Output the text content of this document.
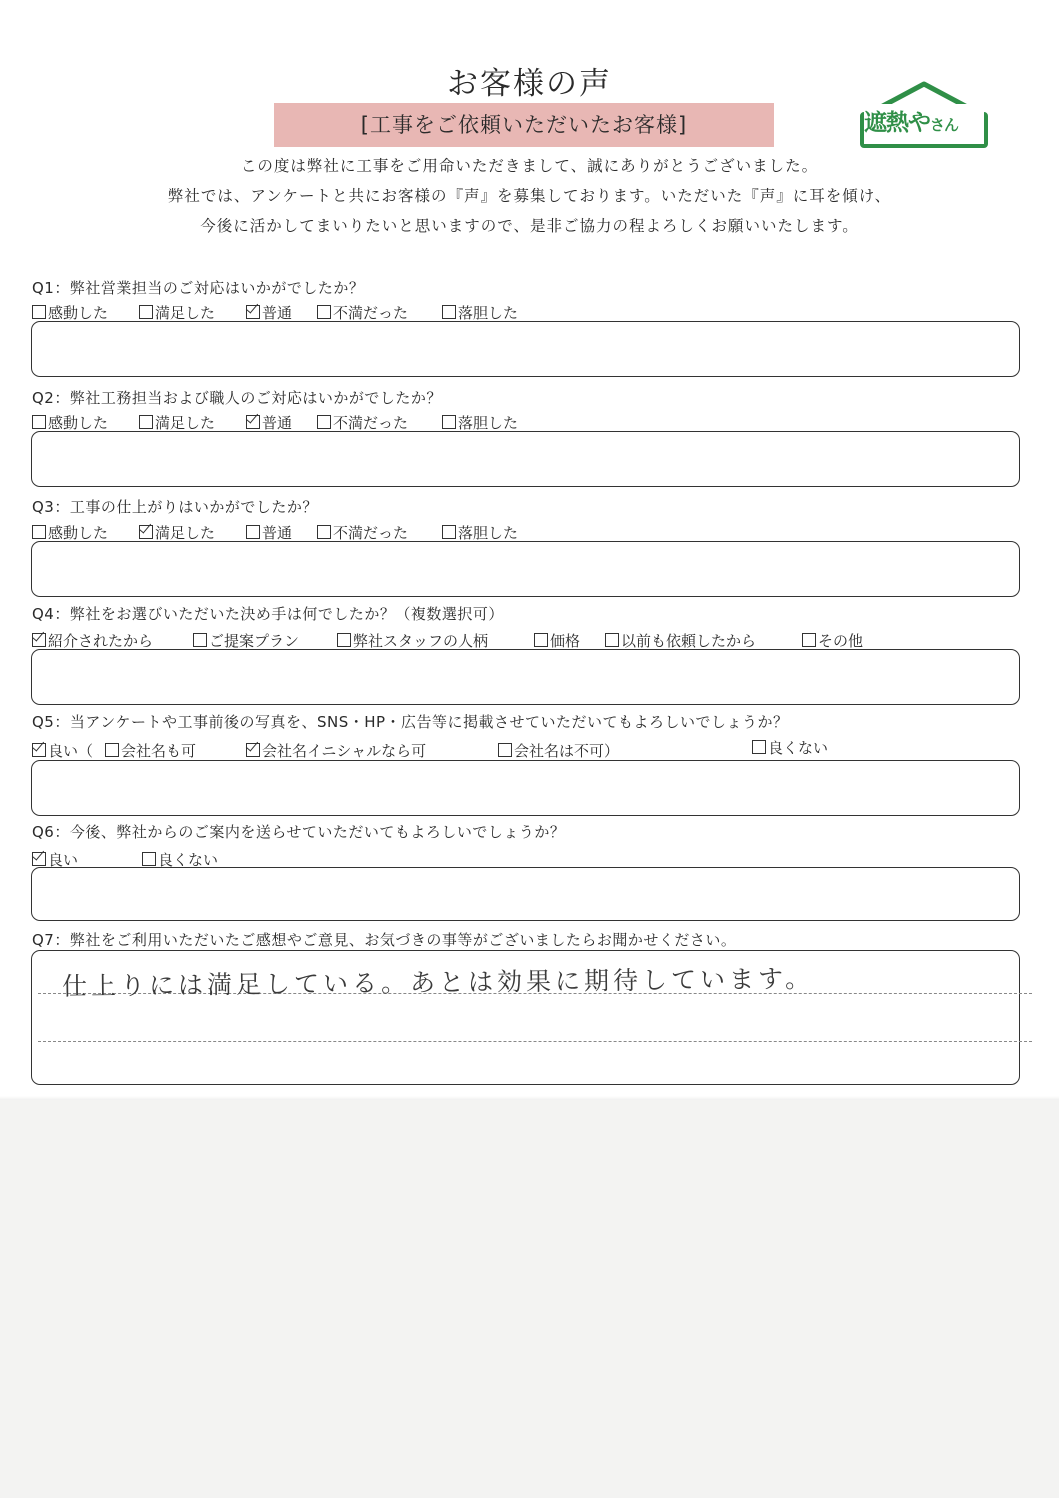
お客様の声
[工事をご依頼いただいたお客様]	遮熱やさん
この度は弊社に工事をご用命いただきまして、誠にありがとうございました。
弊社では、アンケートと共にお客様の『声』を募集しております。いただいた『声』に耳を傾け、
今後に活かしてまいりたいと思いますので、是非ご協力の程よろしくお願いいたします。
Q1：弊社営業担当のご対応はいかがでしたか？
感動した	満足した	普通	不満だった	落胆した
Q2：弊社工務担当および職人のご対応はいかがでしたか？
感動した	満足した	普通	不満だった	落胆した
Q3：工事の仕上がりはいかがでしたか？
感動した	満足した	普通	不満だった	落胆した
Q4：弊社をお選びいただいた決め手は何でしたか？（複数選択可）
紹介されたから	ご提案プラン	弊社スタッフの人柄	価格	以前も依頼したから	その他
Q5：当アンケートや工事前後の写真を、SNS・HP・広告等に掲載させていただいてもよろしいでしょうか？
良い（	会社名も可	会社名イニシャルなら可	会社名は不可）	良くない
Q6：今後、弊社からのご案内を送らせていただいてもよろしいでしょうか？
良い	良くない
Q7：弊社をご利用いただいたご感想やご意見、お気づきの事等がございましたらお聞かせください。
仕上りには満足している。あとは効果に期待しています。
